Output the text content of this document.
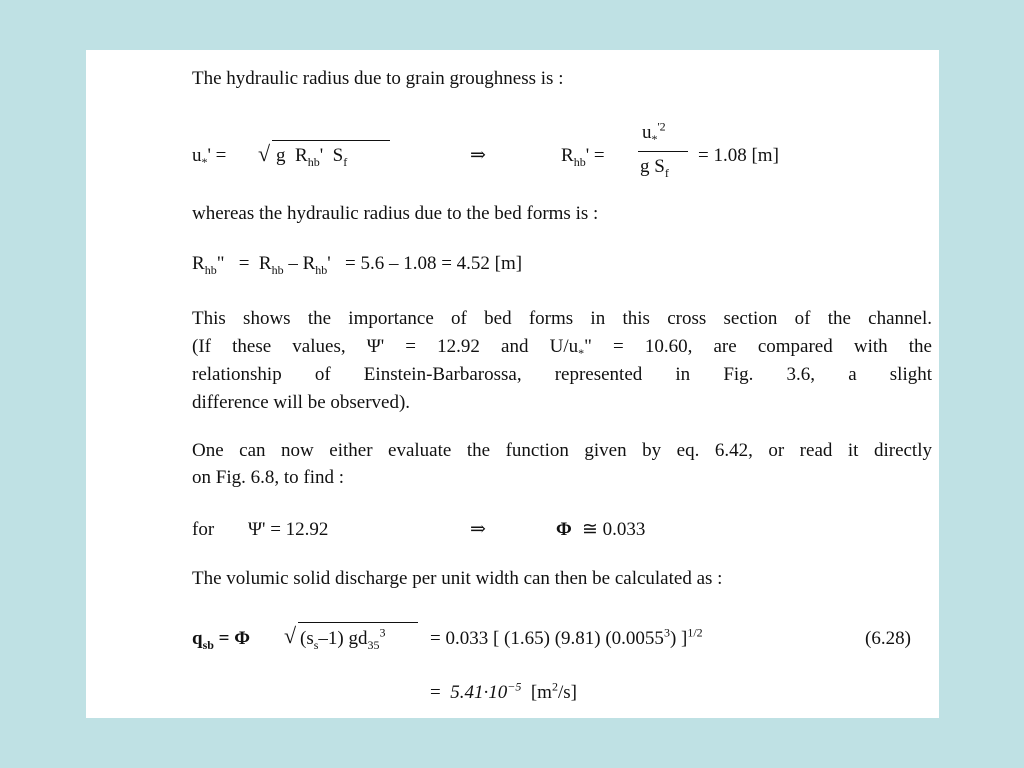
The hydraulic radius due to grain groughness is :
$u_*'$ = √ g $R_{hb}'$ $S_f$	⇒	$R_{hb}'$ =
$u_*^{'2}$
g $S_f$
= 1.08 [m]
whereas the hydraulic radius due to the bed forms is :
$R_{hb}$" = $R_{hb} - R_{hb}' = 5.6 - 1.08 = 4.52$ [m]
This shows the importance of bed forms in this cross section of the channel.
(If these values, Ψ' = 12.92 and $U/u_*$" = 10.60, are compared with the
relationship of Einstein-Barbarossa, represented in Fig. 3.6, a slight
difference will be observed).
One can now either evaluate the function given by eq. 6.42, or read it directly
on Fig. 6.8, to find :
for Ψ' = 12.92	⇒	Φ ≅ 0.033
The volumic solid discharge per unit width can then be calculated as :
$q_{sb} = \Phi$ √ $(s_s-1) gd_{35}^3 = 0.033$ [ (1.65) (9.81) (0.0055$^3$) ]$^{1/2}$	(6.28)
= $5.41\cdot 10^{-5}$ $[m^2/s]$
